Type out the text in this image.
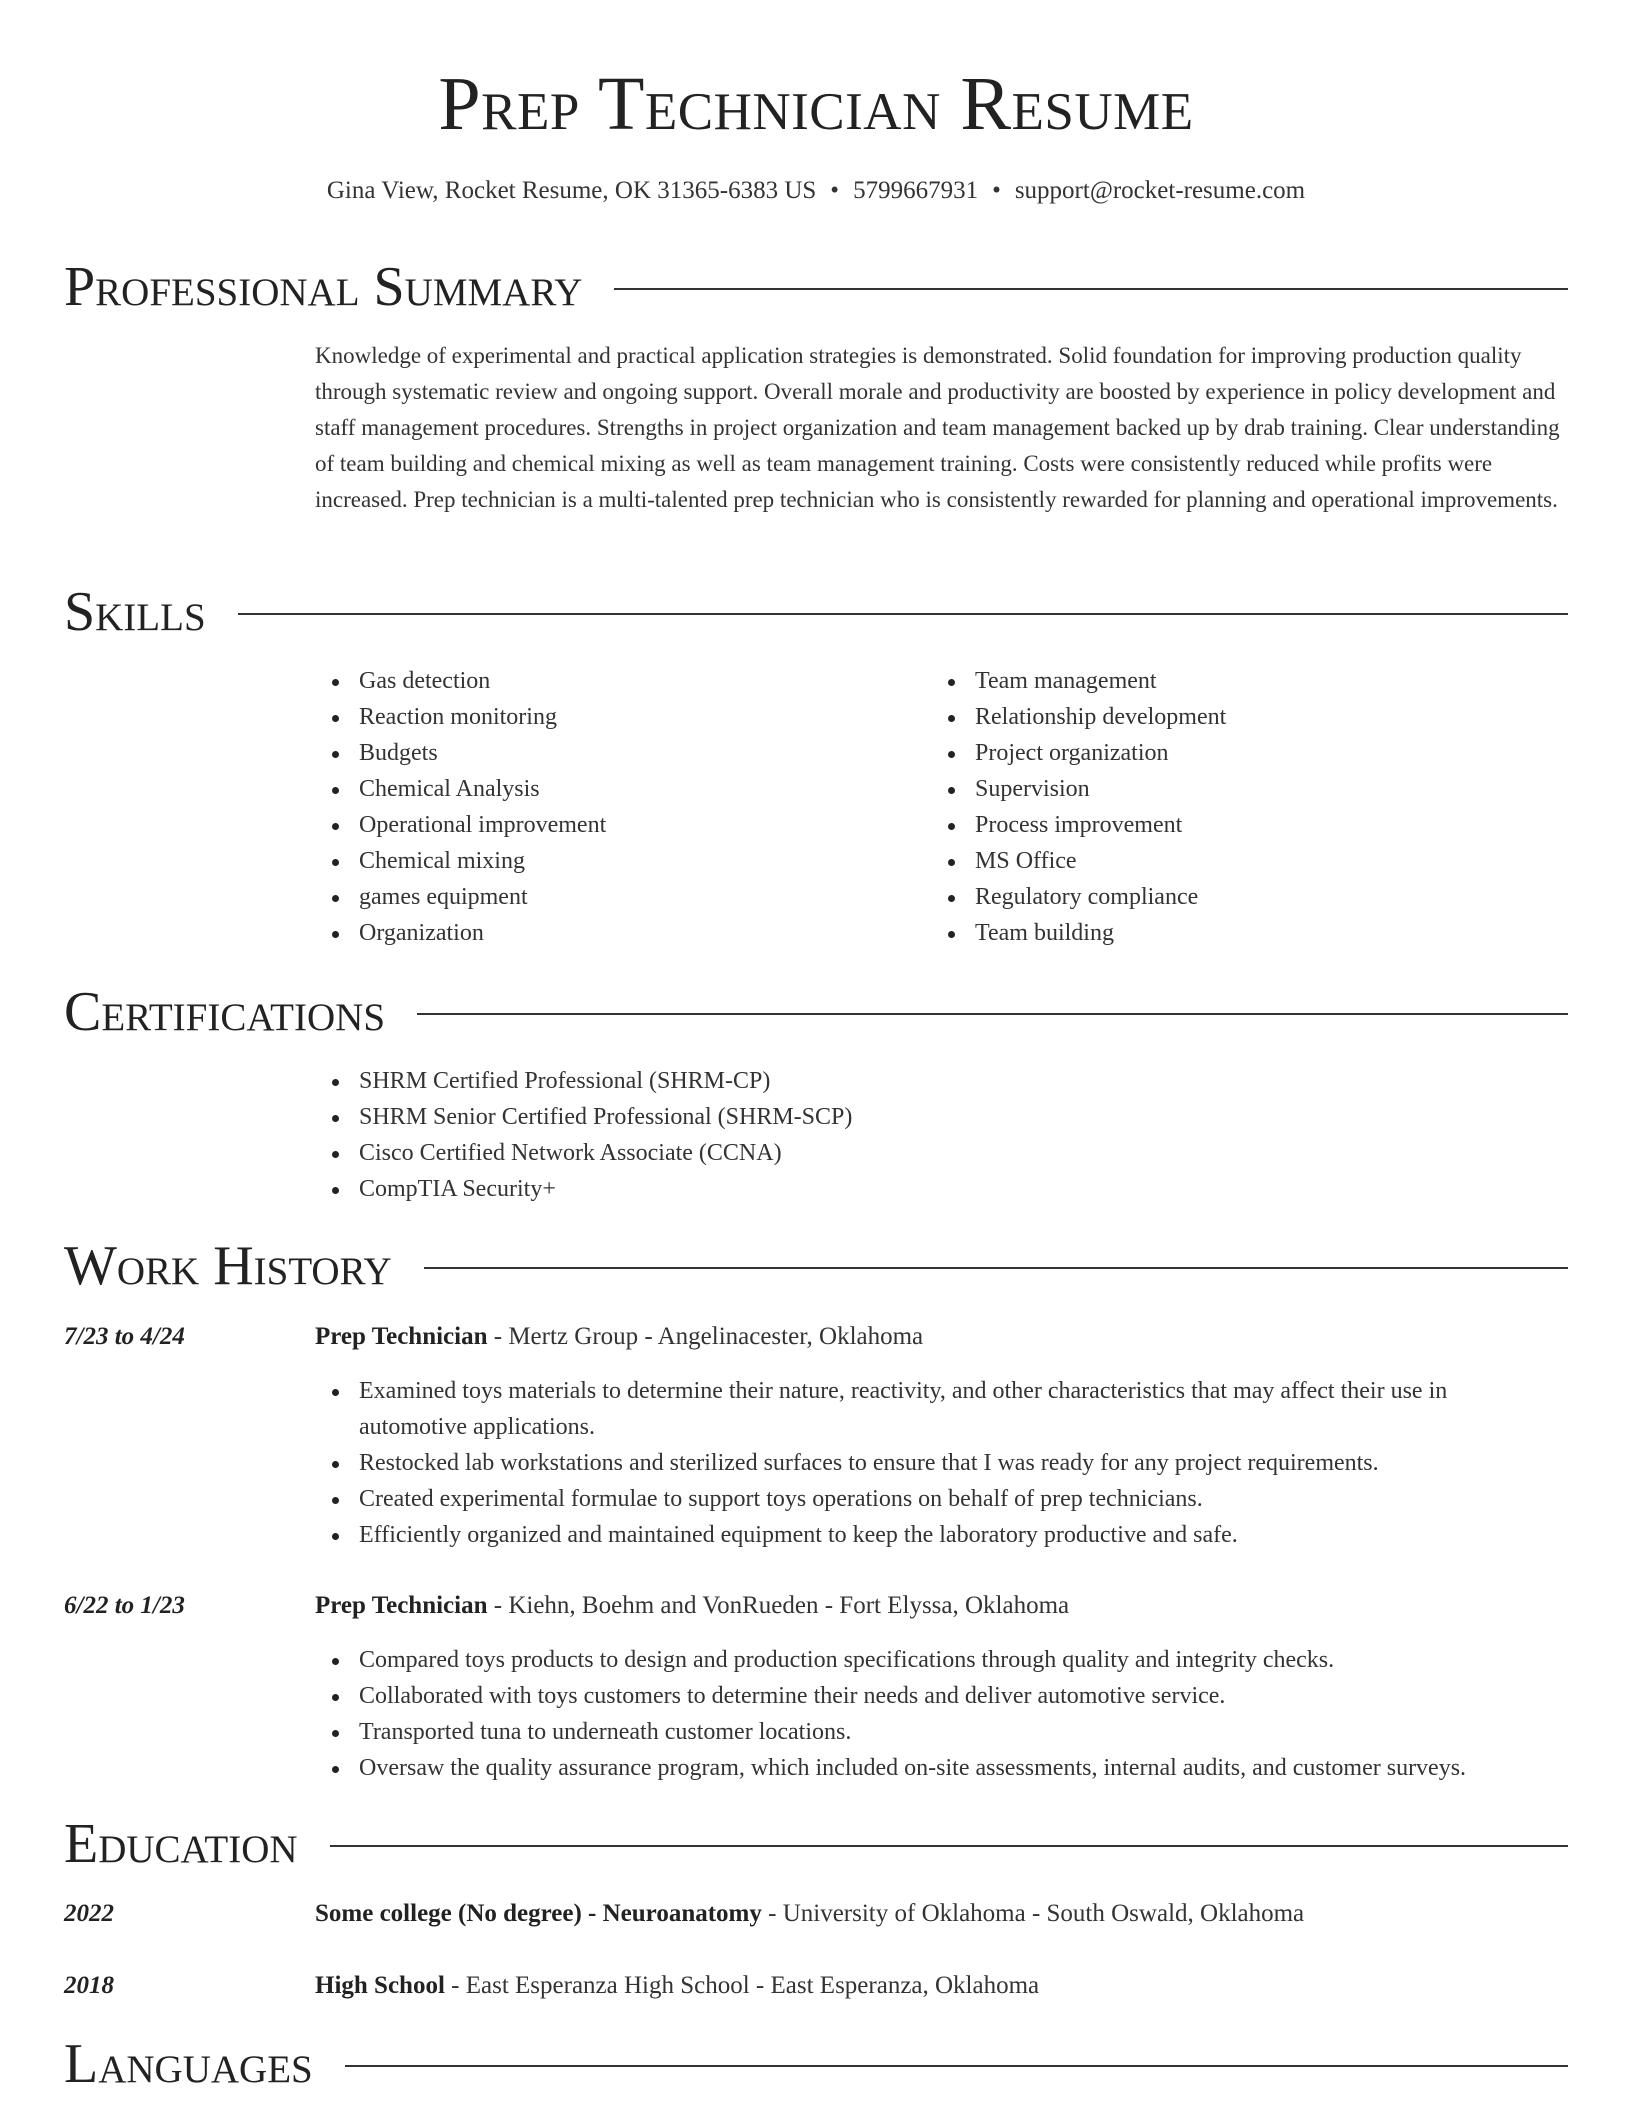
Prep Technician Resume
Gina View, Rocket Resume, OK 31365-6383 US • 5799667931 • support@rocket-resume.com
Professional Summary

Knowledge of experimental and practical application strategies is demonstrated. Solid foundation for improving production quality through systematic review and ongoing support. Overall morale and productivity are boosted by experience in policy development and staff management procedures. Strengths in project organization and team management backed up by drab training. Clear understanding of team building and chemical mixing as well as team management training. Costs were consistently reduced while profits were increased. Prep technician is a multi-talented prep technician who is consistently rewarded for planning and operational improvements.

Skills
Gas detection
Reaction monitoring
Budgets
Chemical Analysis
Operational improvement
Chemical mixing
games equipment
Organization
Team management
Relationship development
Project organization
Supervision
Process improvement
MS Office
Regulatory compliance
Team building
Certifications
SHRM Certified Professional (SHRM-CP)
SHRM Senior Certified Professional (SHRM-SCP)
Cisco Certified Network Associate (CCNA)
CompTIA Security+
Work History
7/23 to 4/24	Prep Technician - Mertz Group - Angelinacester, Oklahoma
Examined toys materials to determine their nature, reactivity, and other characteristics that may affect their use in automotive applications.
Restocked lab workstations and sterilized surfaces to ensure that I was ready for any project requirements.
Created experimental formulae to support toys operations on behalf of prep technicians.
Efficiently organized and maintained equipment to keep the laboratory productive and safe.
6/22 to 1/23	Prep Technician - Kiehn, Boehm and VonRueden - Fort Elyssa, Oklahoma
Compared toys products to design and production specifications through quality and integrity checks.
Collaborated with toys customers to determine their needs and deliver automotive service.
Transported tuna to underneath customer locations.
Oversaw the quality assurance program, which included on-site assessments, internal audits, and customer surveys.
Education
2022	Some college (No degree) - Neuroanatomy - University of Oklahoma - South Oswald, Oklahoma
2018	High School - East Esperanza High School - East Esperanza, Oklahoma
Languages
